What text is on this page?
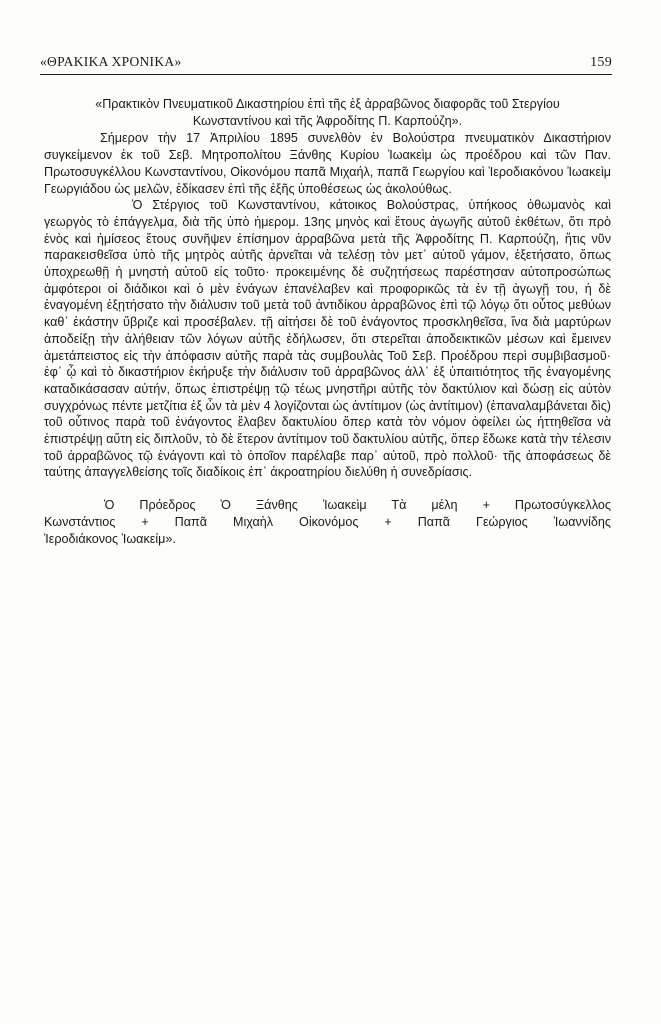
«ΘΡΑΚΙΚΑ ΧΡΟΝΙΚΑ»	159

«Πρακτικὸν Πνευματικοῦ Δικαστηρίου ἐπὶ τῆς ἐξ ἀρραβῶνος διαφορᾶς τοῦ Στεργίου Κωνσταντίνου καὶ τῆς Ἀφροδίτης Π. Καρπούζη».

Σήμερον τὴν 17 Ἀπριλίου 1895 συνελθὸν ἐν Βολούστρα πνευματικὸν Δικαστήριον συγκείμενον ἐκ τοῦ Σεβ. Μητροπολίτου Ξάνθης Κυρίου Ἰωακεὶμ ὡς προέδρου καὶ τῶν Παν. Πρωτοσυγκέλλου Κωνσταντίνου, Οἰκονόμου παπᾶ Μιχαήλ, παπᾶ Γεωργίου καὶ Ἱεροδιακόνου Ἰωακεὶμ Γεωργιάδου ὡς μελῶν, ἐδίκασεν ἐπὶ τῆς ἑξῆς ὑποθέσεως ὡς ἀκολούθως.

Ὁ Στέργιος τοῦ Κωνσταντίνου, κάτοικος Βολούστρας, ὑπήκοος ὀθωμανὸς καὶ γεωργὸς τὸ ἐπάγγελμα, διὰ τῆς ὑπὸ ἡμερομ. 13ης μηνὸς καὶ ἔτους ἀγωγῆς αὐτοῦ ἐκθέτων, ὅτι πρὸ ἑνὸς καὶ ἡμίσεος ἔτους συνῆψεν ἐπίσημον ἀρραβῶνα μετὰ τῆς Ἀφροδίτης Π. Καρπούζη, ἥτις νῦν παρακεισθεῖσα ὑπὸ τῆς μητρὸς αὐτῆς ἀρνεῖται νὰ τελέσῃ τὸν μετ᾿ αὐτοῦ γάμον, ἐξετήσατο, ὅπως ὑποχρεωθῇ ἡ μνηστὴ αὐτοῦ εἰς τοῦτο· προκειμένης δὲ συζητήσεως παρέστησαν αὐτοπροσώπως ἀμφότεροι οἱ διάδικοι καὶ ὁ μὲν ἐνάγων ἐπανέλαβεν καὶ προφορικῶς τὰ ἐν τῇ ἀγωγῇ του, ἡ δὲ ἐναγομένη ἐξῃτήσατο τὴν διάλυσιν τοῦ μετὰ τοῦ ἀντιδίκου ἀρραβῶνος ἐπὶ τῷ λόγῳ ὅτι οὗτος μεθύων καθ᾿ ἑκάστην ὕβριζε καὶ προσέβαλεν. τῇ αἰτήσει δὲ τοῦ ἐνάγοντος προσκληθεῖσα, ἵνα διὰ μαρτύρων ἀποδείξῃ τὴν ἀλήθειαν τῶν λόγων αὐτῆς ἐδήλωσεν, ὅτι στερεῖται ἀποδεικτικῶν μέσων καὶ ἔμεινεν ἀμετάπειστος εἰς τὴν ἀπόφασιν αὐτῆς παρὰ τὰς συμβουλὰς Τοῦ Σεβ. Προέδρου περὶ συμβιβασμοῦ· ἐφ᾿ ᾧ καὶ τὸ δικαστήριον ἐκήρυξε τὴν διάλυσιν τοῦ ἀρραβῶνος ἀλλ᾿ ἐξ ὑπαιτιότητος τῆς ἐναγομένης καταδικάσασαν αὐτήν, ὅπως ἐπιστρέψῃ τῷ τέως μνηστῆρι αὐτῆς τὸν δακτύλιον καὶ δώσῃ εἰς αὐτὸν συγχρόνως πέντε μετζίτια ἐξ ὧν τὰ μὲν 4 λογίζονται ὡς ἀντίτιμον (ὡς ἀντίτιμον) (ἐπαναλαμβάνεται δὶς) τοῦ οὗτινος παρὰ τοῦ ἐνάγοντος ἔλαβεν δακτυλίου ὅπερ κατὰ τὸν νόμον ὀφείλει ὡς ἡττηθεῖσα νὰ ἐπιστρέψῃ αὕτη εἰς διπλοῦν, τὸ δὲ ἕτερον ἀντίτιμον τοῦ δακτυλίου αὐτῆς, ὅπερ ἔδωκε κατὰ τὴν τέλεσιν τοῦ ἀρραβῶνος τῷ ἐνάγοντι καὶ τὸ ὁποῖον παρέλαβε παρ᾿ αὐτοῦ, πρὸ πολλοῦ· τῆς ἀποφάσεως δὲ ταύτης ἀπαγγελθείσης τοῖς διαδίκοις ἐπ᾿ ἀκροατηρίου διελύθη ἡ συνεδρίασις.

Ὁ Πρόεδρος Ὁ Ξάνθης Ἰωακεὶμ Τὰ μέλη + Πρωτοσύγκελλος

Κωνστάντιος + Παπᾶ Μιχαὴλ Οἰκονόμος + Παπᾶ Γεώργιος Ἰωαννίδης

Ἱεροδιάκονος Ἰωακείμ».
